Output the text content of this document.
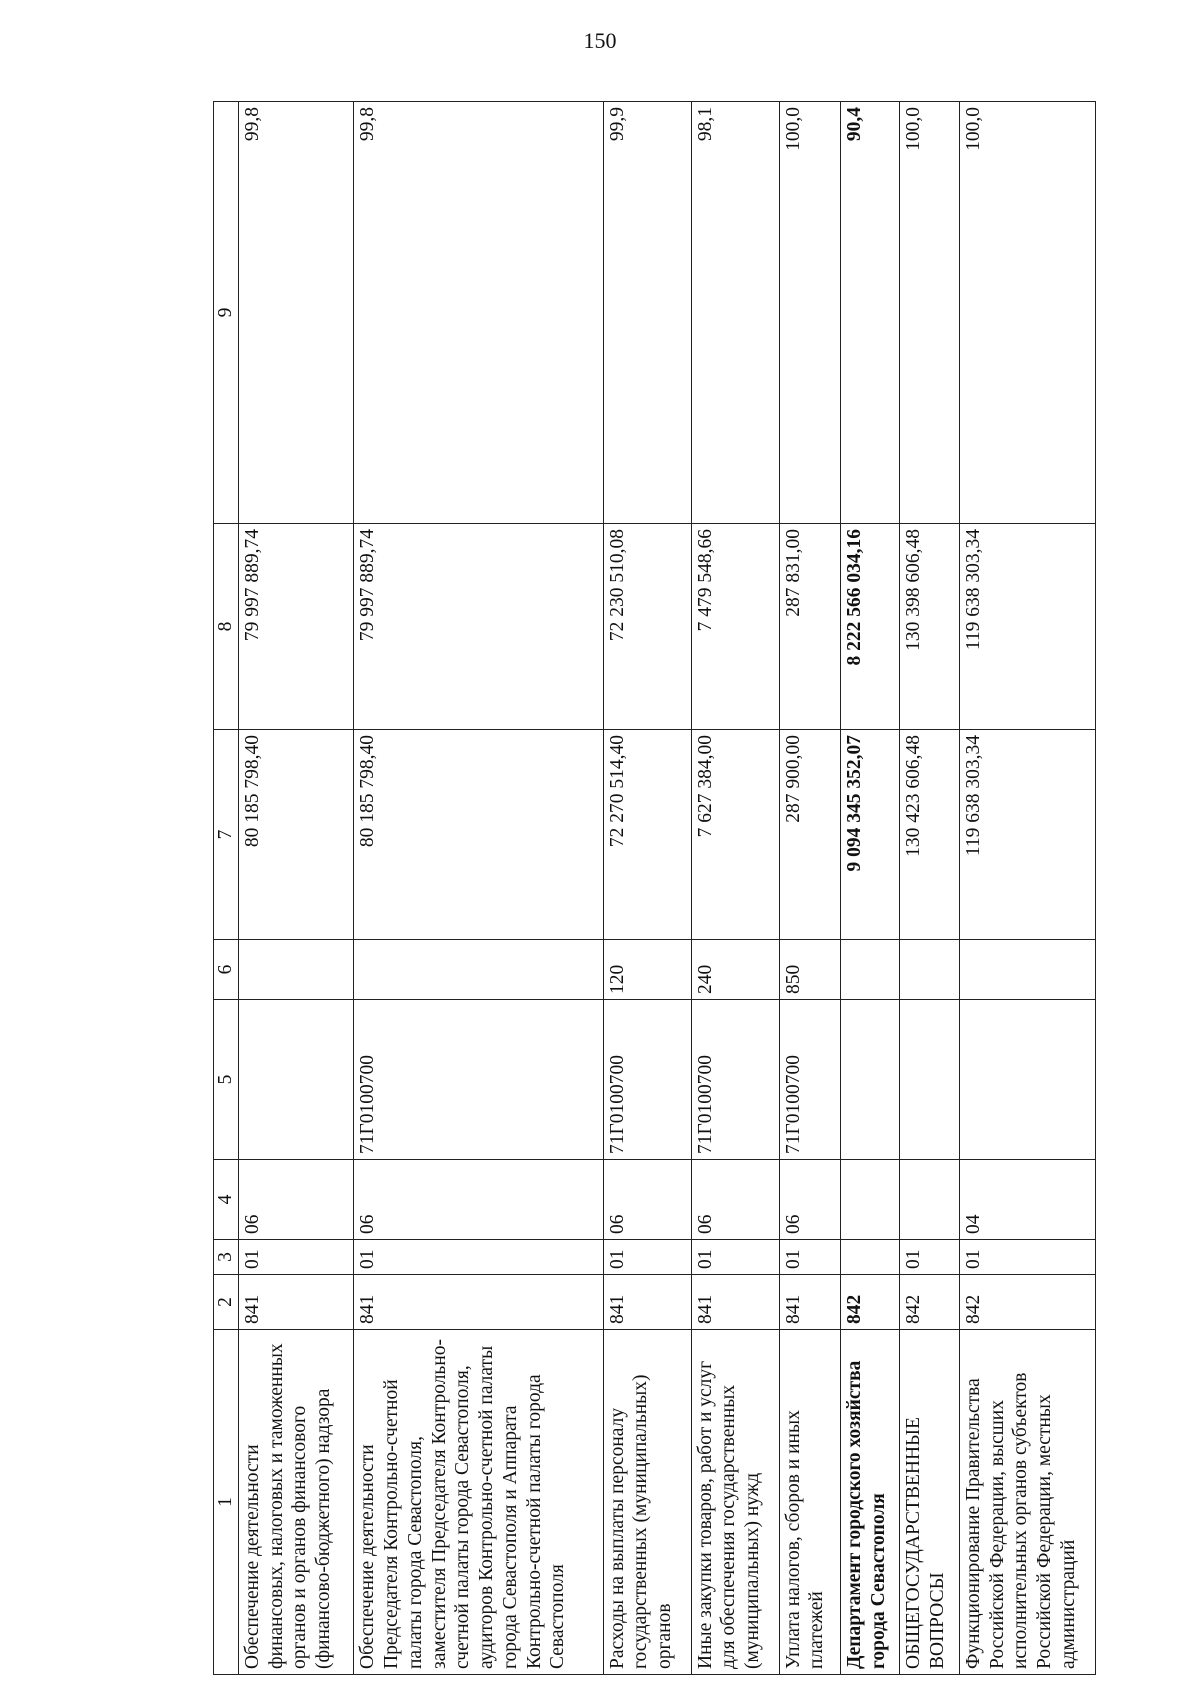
150
1	2	3	4	5	6	7	8	9
Обеспечение деятельности финансовых, налоговых и таможенных органов и органов финансового (финансово-бюджетного) надзора	841	01	06			80 185 798,40	79 997 889,74	99,8
Обеспечение деятельности Председателя Контрольно-счетной палаты города Севастополя, заместителя Председателя Контрольно-счетной палаты города Севастополя, аудиторов Контрольно-счетной палаты города Севастополя и Аппарата Контрольно-счетной палаты города Севастополя	841	01	06	71Г0100700		80 185 798,40	79 997 889,74	99,8
Расходы на выплаты персоналу государственных (муниципальных) органов	841	01	06	71Г0100700	120	72 270 514,40	72 230 510,08	99,9
Иные закупки товаров, работ и услуг для обеспечения государственных (муниципальных) нужд	841	01	06	71Г0100700	240	7 627 384,00	7 479 548,66	98,1
Уплата налогов, сборов и иных платежей	841	01	06	71Г0100700	850	287 900,00	287 831,00	100,0
Департамент городского хозяйства города Севастополя	842					9 094 345 352,07	8 222 566 034,16	90,4
ОБЩЕГОСУДАРСТВЕННЫЕ ВОПРОСЫ	842	01				130 423 606,48	130 398 606,48	100,0
Функционирование Правительства Российской Федерации, высших исполнительных органов субъектов Российской Федерации, местных администраций	842	01	04			119 638 303,34	119 638 303,34	100,0
